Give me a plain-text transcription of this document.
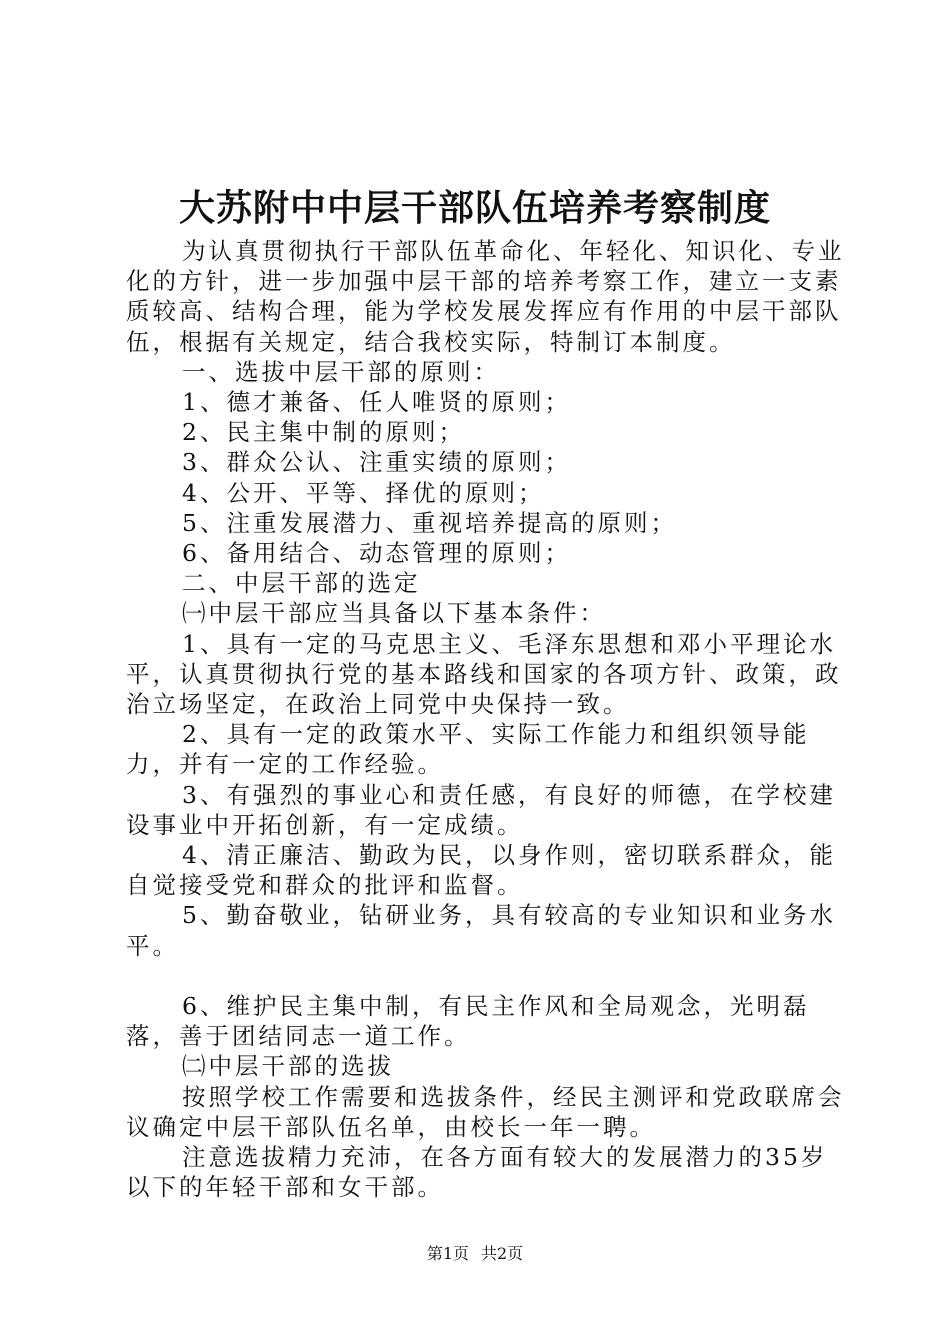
大苏附中中层干部队伍培养考察制度

为认真贯彻执行干部队伍革命化、年轻化、知识化、专业化的方针，进一步加强中层干部的培养考察工作，建立一支素质较高、结构合理，能为学校发展发挥应有作用的中层干部队伍，根据有关规定，结合我校实际，特制订本制度。

一、选拔中层干部的原则：

1、德才兼备、任人唯贤的原则；

2、民主集中制的原则；

3、群众公认、注重实绩的原则；

4、公开、平等、择优的原则；

5、注重发展潜力、重视培养提高的原则；

6、备用结合、动态管理的原则；

二、中层干部的选定

㈠中层干部应当具备以下基本条件：

1、具有一定的马克思主义、毛泽东思想和邓小平理论水平，认真贯彻执行党的基本路线和国家的各项方针、政策，政治立场坚定，在政治上同党中央保持一致。

2、具有一定的政策水平、实际工作能力和组织领导能力，并有一定的工作经验。

3、有强烈的事业心和责任感，有良好的师德，在学校建设事业中开拓创新，有一定成绩。

4、清正廉洁、勤政为民，以身作则，密切联系群众，能自觉接受党和群众的批评和监督。

5、勤奋敬业，钻研业务，具有较高的专业知识和业务水平。

6、维护民主集中制，有民主作风和全局观念，光明磊落，善于团结同志一道工作。

㈡中层干部的选拔

按照学校工作需要和选拔条件，经民主测评和党政联席会议确定中层干部队伍名单，由校长一年一聘。

注意选拔精力充沛，在各方面有较大的发展潜力的35岁以下的年轻干部和女干部。

第1页 共2页
